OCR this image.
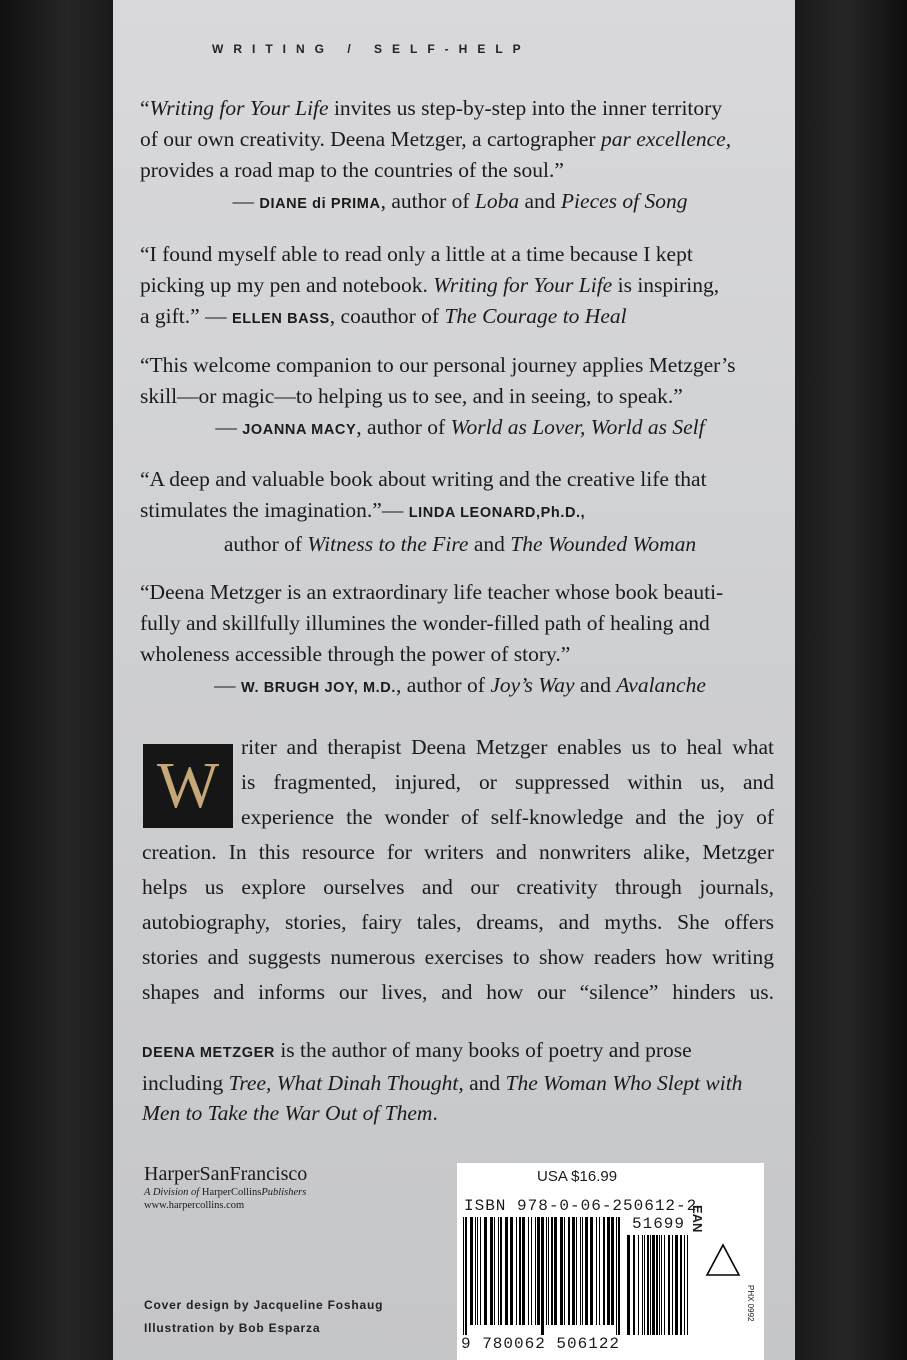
WRITING / SELF-HELP
“Writing for Your Life invites us step-by-step into the inner territory
of our own creativity. Deena Metzger, a cartographer par excellence,
provides a road map to the countries of the soul.”
— DIANE di PRIMA, author of Loba and Pieces of Song
“I found myself able to read only a little at a time because I kept
picking up my pen and notebook. Writing for Your Life is inspiring,
a gift.” — ELLEN BASS, coauthor of The Courage to Heal
“This welcome companion to our personal journey applies Metzger’s
skill—or magic—to helping us to see, and in seeing, to speak.”
— JOANNA MACY, author of World as Lover, World as Self
“A deep and valuable book about writing and the creative life that
stimulates the imagination.”— LINDA LEONARD,Ph.D.,
author of Witness to the Fire and The Wounded Woman
“Deena Metzger is an extraordinary life teacher whose book beauti-
fully and skillfully illumines the wonder-filled path of healing and
wholeness accessible through the power of story.”
— W. BRUGH JOY, M.D., author of Joy’s Way and Avalanche
W
riter and therapist Deena Metzger enables us to heal what
is fragmented, injured, or suppressed within us, and
experience the wonder of self-knowledge and the joy of
creation. In this resource for writers and nonwriters alike, Metzger
helps us explore ourselves and our creativity through journals,
autobiography, stories, fairy tales, dreams, and myths. She offers
stories and suggests numerous exercises to show readers how writing
shapes and informs our lives, and how our “silence” hinders us.
DEENA METZGER is the author of many books of poetry and prose
including Tree, What Dinah Thought, and The Woman Who Slept with
Men to Take the War Out of Them.
HarperSanFrancisco
A Division of HarperCollinsPublishers
www.harpercollins.com
Cover design by Jacqueline Foshaug
Illustration by Bob Esparza
USA $16.99
ISBN 978-0-06-250612-2
51699
9 780062 506122
EAN
PHX 0992
